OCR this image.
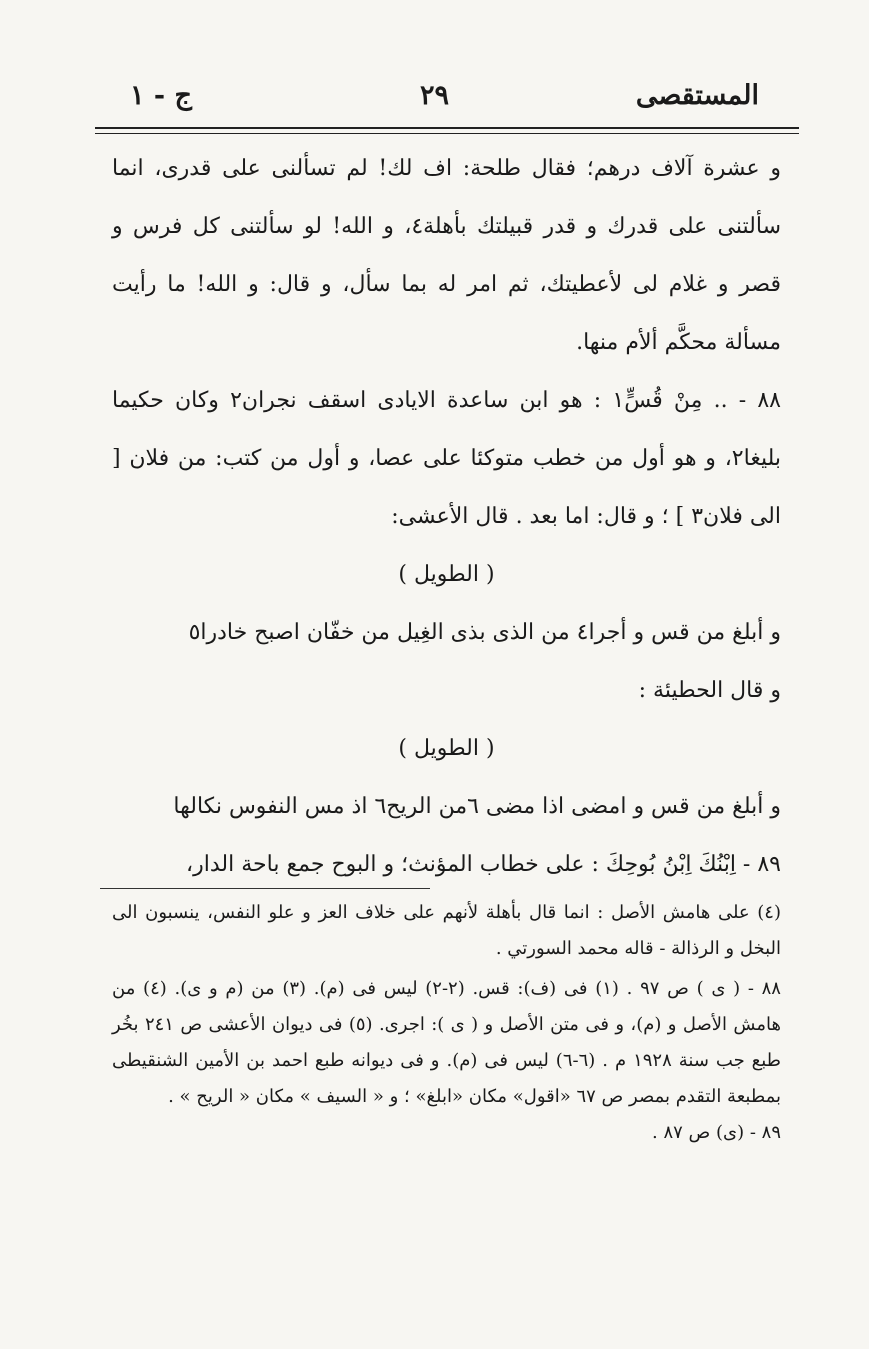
المستقصى
٢٩
ج - ١

و عشرة آلاف درهم؛ فقال طلحة: اف لك! لم تسألنى على قدرى، انما سألتنى على قدرك و قدر قبيلتك بأهلة٤، و الله! لو سألتنى كل فرس و قصر و غلام لى لأعطيتك، ثم امر له بما سأل، و قال: و الله! ما رأيت مسألة محكَّم ألأم منها.

٨٨ - .. مِنْ قُسٍّ١ : هو ابن ساعدة الايادى اسقف نجران٢ وكان حكيما بليغا٢، و هو أول من خطب متوكئا على عصا، و أول من كتب: من فلان [ الى فلان٣ ] ؛ و قال: اما بعد . قال الأعشى:

( الطويل )

و أبلغ من قس و أجرا٤ من الذى بذى الغِيل من خفّان اصبح خادرا٥

و قال الحطيئة :

( الطويل )

و أبلغ من قس و امضى اذا مضى ٦من الريح٦ اذ مس النفوس نكالها

٨٩ - اِبْنُكَ اِبْنُ بُوحِكَ : على خطاب المؤنث؛ و البوح جمع باحة الدار،

(٤) على هامش الأصل : انما قال بأهلة لأنهم على خلاف العز و علو النفس، ينسبون الى البخل و الرذالة - قاله محمد السورتي .

٨٨ - ( ى ) ص ٩٧ . (١) فى (ف): قس. (٢-٢) ليس فى (م). (٣) من (م و ى). (٤) من هامش الأصل و (م)، و فى متن الأصل و ( ى ): اجرى. (٥) فى ديوان الأعشى ص ٢٤١ بخُر طبع جب سنة ١٩٢٨ م . (٦-٦) ليس فى (م). و فى ديوانه طبع احمد بن الأمين الشنقيطى بمطبعة التقدم بمصر ص ٦٧ «اقول» مكان «ابلغ» ؛ و « السيف » مكان « الريح » .

٨٩ - (ى) ص ٨٧ .
